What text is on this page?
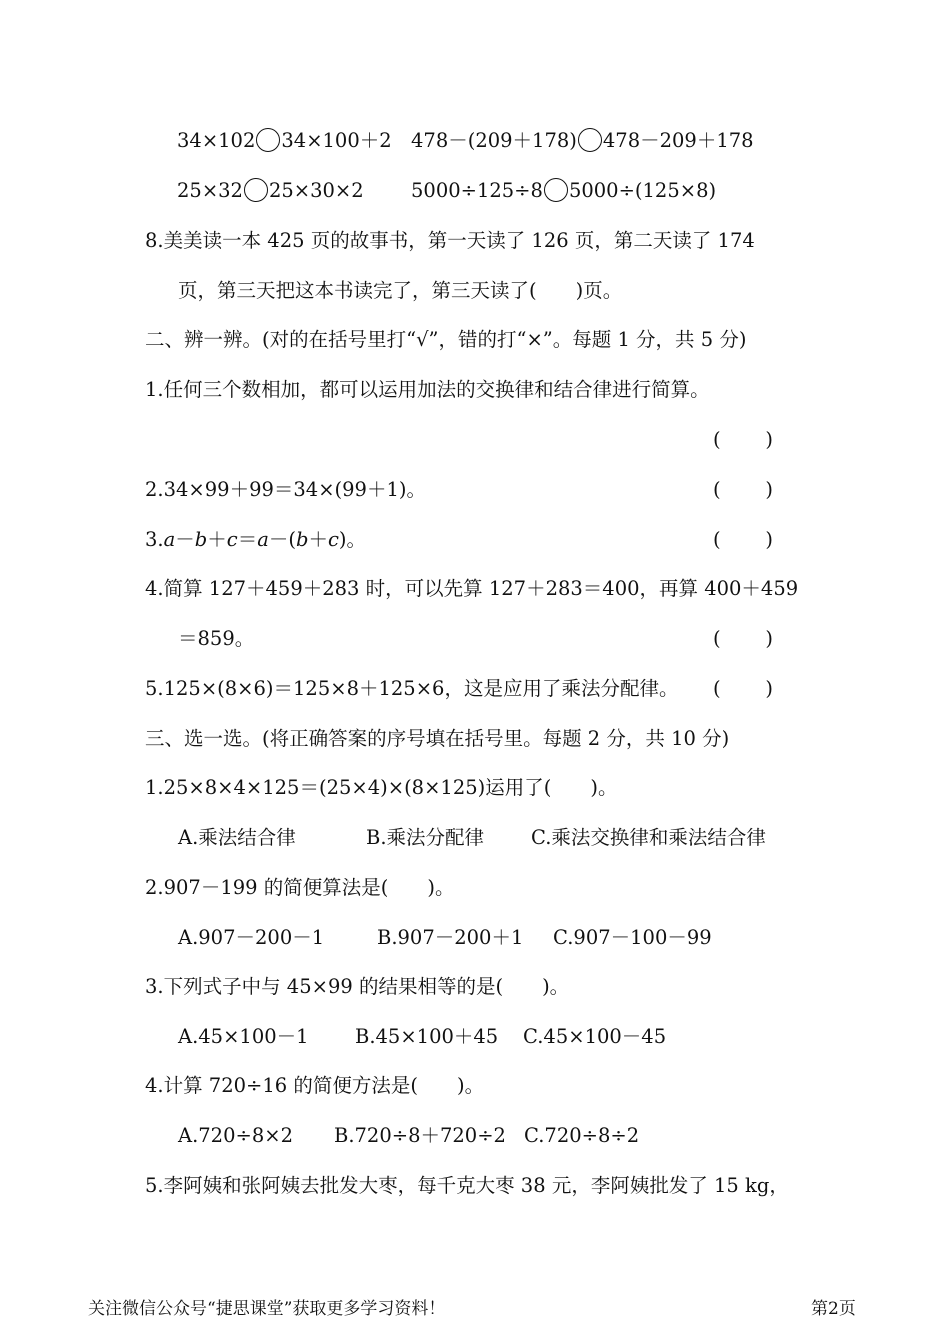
34×102 34×100＋2 478－(209＋178) 478－209＋178
25×32 25×30×2 5000÷125÷8 5000÷(125×8)
8.美美读一本 425 页的故事书，第一天读了 126 页，第二天读了 174
页，第三天把这本书读完了，第三天读了(　　)页。
二、辨一辨。(对的在括号里打“√”，错的打“×”。每题 1 分，共 5 分)
1.任何三个数相加，都可以运用加法的交换律和结合律进行简算。
( )
2.34×99＋99＝34×(99＋1)。	( )
3.a－b＋c＝a－(b＋c)。	( )
4.简算 127＋459＋283 时，可以先算 127＋283＝400，再算 400＋459
＝859。	( )
5.125×(8×6)＝125×8＋125×6，这是应用了乘法分配律。 ( )
三、选一选。(将正确答案的序号填在括号里。每题 2 分，共 10 分)
1.25×8×4×125＝(25×4)×(8×125)运用了(　　)。
A.乘法结合律	B.乘法分配律 C.乘法交换律和乘法结合律
2.907－199 的简便算法是(　　)。
A.907－200－1	B.907－200＋1 C.907－100－99
3.下列式子中与 45×99 的结果相等的是(　　)。
A.45×100－1 B.45×100＋45 C.45×100－45
4.计算 720÷16 的简便方法是(　　)。
A.720÷8×2 B.720÷8＋720÷2 C.720÷8÷2
5.李阿姨和张阿姨去批发大枣，每千克大枣 38 元，李阿姨批发了 15 kg，
关注微信公众号“捷思课堂”获取更多学习资料！	第2页
